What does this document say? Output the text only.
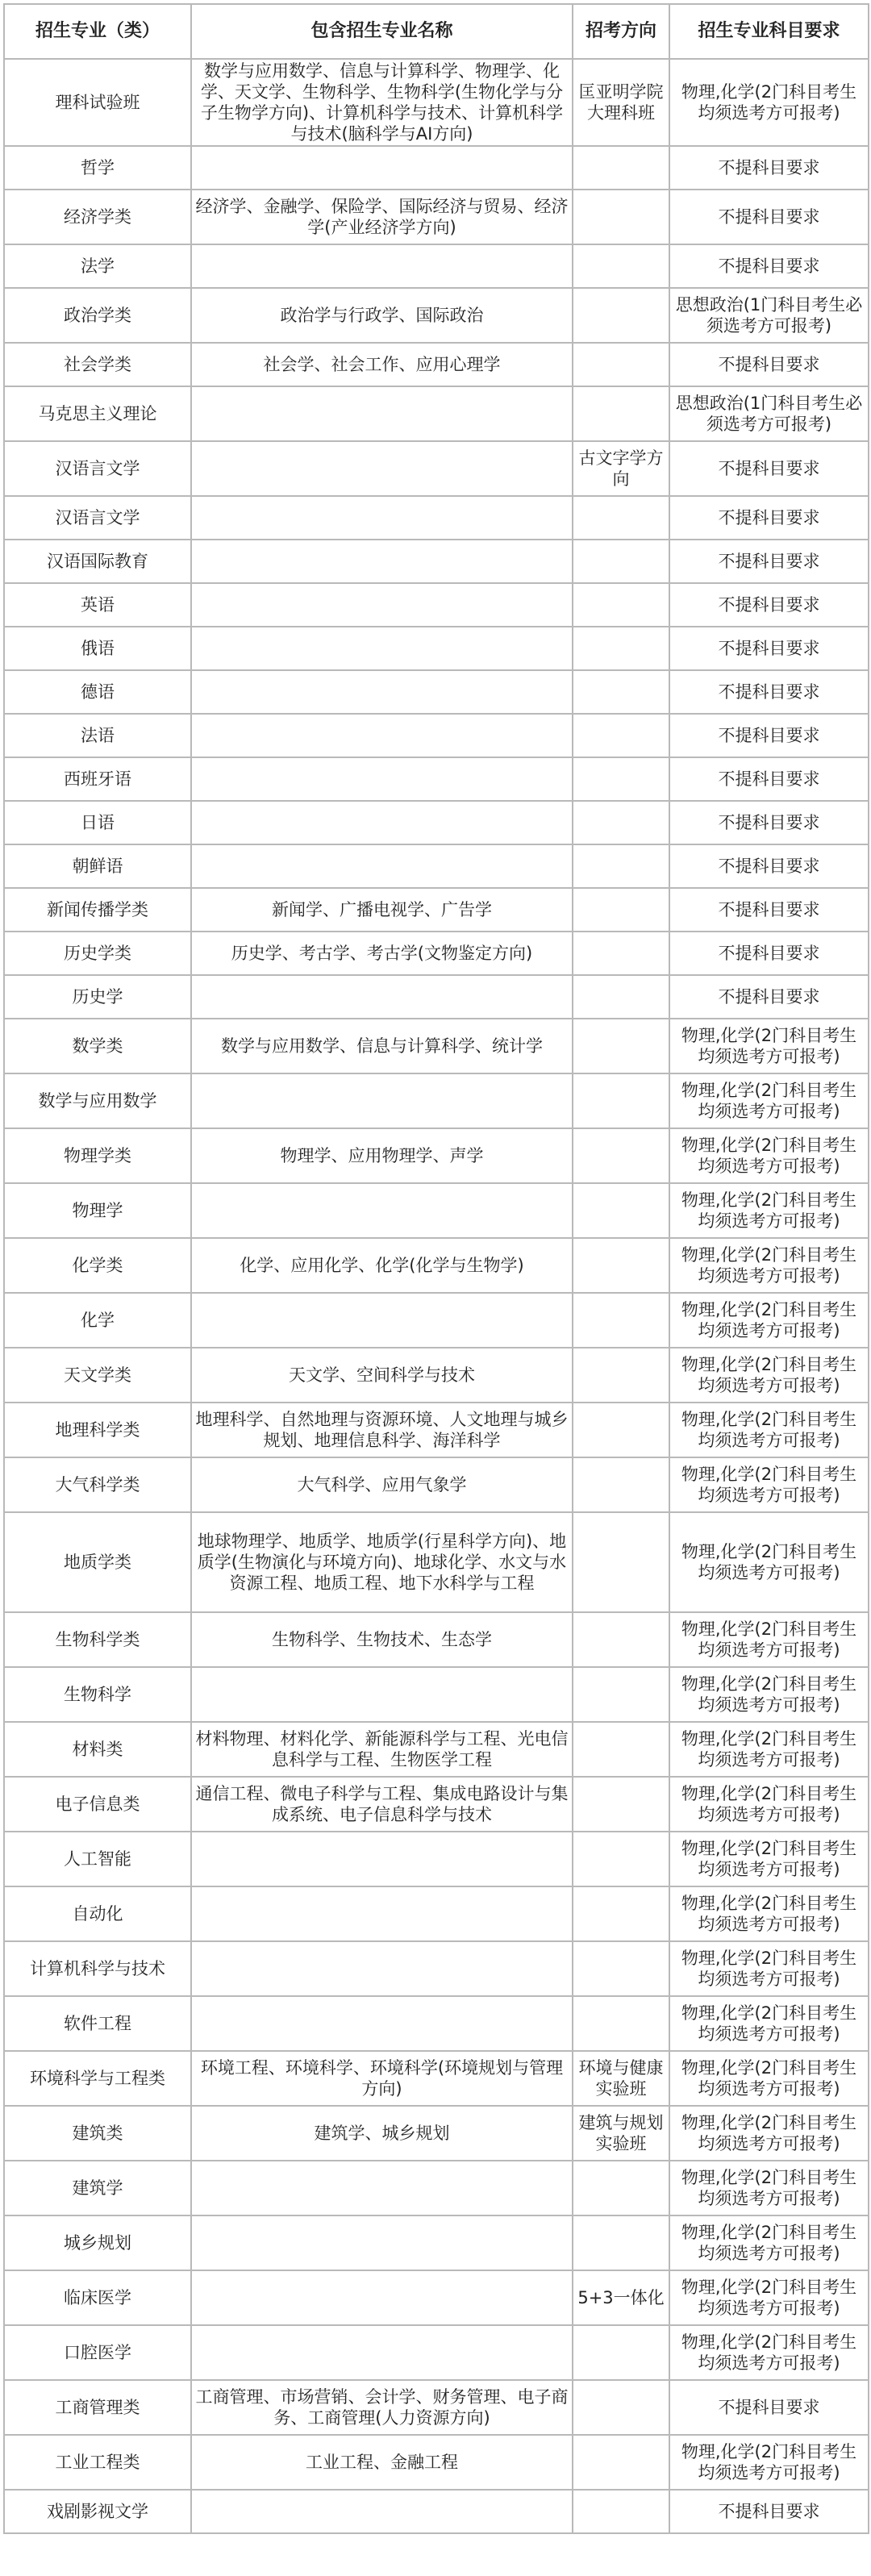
招生专业（类）	包含招生专业名称	招考方向	招生专业科目要求
理科试验班	数学与应用数学、信息与计算科学、物理学、化学、天文学、生物科学、生物科学(生物化学与分子生物学方向)、计算机科学与技术、计算机科学与技术(脑科学与AI方向)	匡亚明学院大理科班	物理,化学(2门科目考生均须选考方可报考)
哲学			不提科目要求
经济学类	经济学、金融学、保险学、国际经济与贸易、经济学(产业经济学方向)		不提科目要求
法学			不提科目要求
政治学类	政治学与行政学、国际政治		思想政治(1门科目考生必须选考方可报考)
社会学类	社会学、社会工作、应用心理学		不提科目要求
马克思主义理论			思想政治(1门科目考生必须选考方可报考)
汉语言文学		古文字学方向	不提科目要求
汉语言文学			不提科目要求
汉语国际教育			不提科目要求
英语			不提科目要求
俄语			不提科目要求
德语			不提科目要求
法语			不提科目要求
西班牙语			不提科目要求
日语			不提科目要求
朝鲜语			不提科目要求
新闻传播学类	新闻学、广播电视学、广告学		不提科目要求
历史学类	历史学、考古学、考古学(文物鉴定方向)		不提科目要求
历史学			不提科目要求
数学类	数学与应用数学、信息与计算科学、统计学		物理,化学(2门科目考生均须选考方可报考)
数学与应用数学			物理,化学(2门科目考生均须选考方可报考)
物理学类	物理学、应用物理学、声学		物理,化学(2门科目考生均须选考方可报考)
物理学			物理,化学(2门科目考生均须选考方可报考)
化学类	化学、应用化学、化学(化学与生物学)		物理,化学(2门科目考生均须选考方可报考)
化学			物理,化学(2门科目考生均须选考方可报考)
天文学类	天文学、空间科学与技术		物理,化学(2门科目考生均须选考方可报考)
地理科学类	地理科学、自然地理与资源环境、人文地理与城乡规划、地理信息科学、海洋科学		物理,化学(2门科目考生均须选考方可报考)
大气科学类	大气科学、应用气象学		物理,化学(2门科目考生均须选考方可报考)
地质学类	地球物理学、地质学、地质学(行星科学方向)、地质学(生物演化与环境方向)、地球化学、水文与水资源工程、地质工程、地下水科学与工程		物理,化学(2门科目考生均须选考方可报考)
生物科学类	生物科学、生物技术、生态学		物理,化学(2门科目考生均须选考方可报考)
生物科学			物理,化学(2门科目考生均须选考方可报考)
材料类	材料物理、材料化学、新能源科学与工程、光电信息科学与工程、生物医学工程		物理,化学(2门科目考生均须选考方可报考)
电子信息类	通信工程、微电子科学与工程、集成电路设计与集成系统、电子信息科学与技术		物理,化学(2门科目考生均须选考方可报考)
人工智能			物理,化学(2门科目考生均须选考方可报考)
自动化			物理,化学(2门科目考生均须选考方可报考)
计算机科学与技术			物理,化学(2门科目考生均须选考方可报考)
软件工程			物理,化学(2门科目考生均须选考方可报考)
环境科学与工程类	环境工程、环境科学、环境科学(环境规划与管理方向)	环境与健康实验班	物理,化学(2门科目考生均须选考方可报考)
建筑类	建筑学、城乡规划	建筑与规划实验班	物理,化学(2门科目考生均须选考方可报考)
建筑学			物理,化学(2门科目考生均须选考方可报考)
城乡规划			物理,化学(2门科目考生均须选考方可报考)
临床医学		5+3一体化	物理,化学(2门科目考生均须选考方可报考)
口腔医学			物理,化学(2门科目考生均须选考方可报考)
工商管理类	工商管理、市场营销、会计学、财务管理、电子商务、工商管理(人力资源方向)		不提科目要求
工业工程类	工业工程、金融工程		物理,化学(2门科目考生均须选考方可报考)
戏剧影视文学			不提科目要求
